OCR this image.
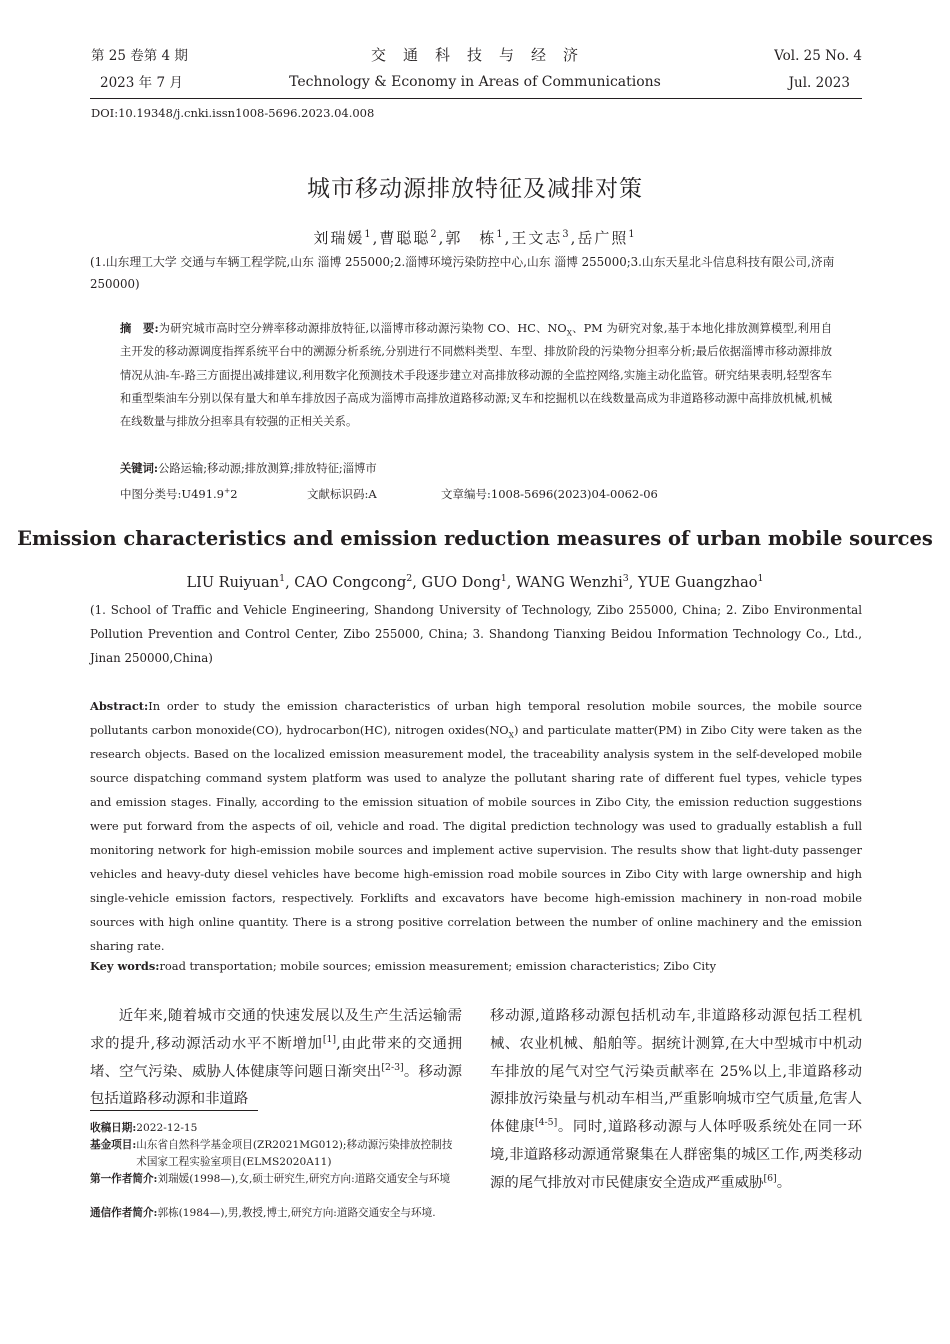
第 25 卷第 4 期
2023 年 7 月
交　通　科　技　与　经　济
Technology & Economy in Areas of Communications
Vol. 25 No. 4
Jul. 2023
DOI:10.19348/j.cnki.issn1008-5696.2023.04.008
城市移动源排放特征及减排对策
刘瑞媛$^1$,曹聪聪$^2$,郭　栋$^1$,王文志$^3$,岳广照$^1$
(1.山东理工大学 交通与车辆工程学院,山东 淄博 255000;2.淄博环境污染防控中心,山东 淄博 255000;3.山东天星北斗信息科技有限公司,济南 250000)
摘　要:为研究城市高时空分辨率移动源排放特征,以淄博市移动源污染物 CO、HC、$NO_X$、PM 为研究对象,基于本地化排放测算模型,利用自主开发的移动源调度指挥系统平台中的溯源分析系统,分别进行不同燃料类型、车型、排放阶段的污染物分担率分析;最后依据淄博市移动源排放情况从油-车-路三方面提出减排建议,利用数字化预测技术手段逐步建立对高排放移动源的全监控网络,实施主动化监管。研究结果表明,轻型客车和重型柴油车分别以保有量大和单车排放因子高成为淄博市高排放道路移动源;叉车和挖掘机以在线数量高成为非道路移动源中高排放机械,机械在线数量与排放分担率具有较强的正相关关系。
关键词:公路运输;移动源;排放测算;排放特征;淄博市
中图分类号:U491.9+2	文献标识码:A	文章编号:1008-5696(2023)04-0062-06
Emission characteristics and emission reduction measures of urban mobile sources
LIU Ruiyuan$^1$, CAO Congcong$^2$, GUO Dong$^1$, WANG Wenzhi$^3$, YUE Guangzhao$^1$
(1. School of Traffic and Vehicle Engineering, Shandong University of Technology, Zibo 255000, China; 2. Zibo Environmental Pollution Prevention and Control Center, Zibo 255000, China; 3. Shandong Tianxing Beidou Information Technology Co., Ltd., Jinan 250000,China)
Abstract:In order to study the emission characteristics of urban high temporal resolution mobile sources, the mobile source pollutants carbon monoxide(CO), hydrocarbon(HC), nitrogen $oxides(NO_X)$ and particulate matter(PM) in Zibo City were taken as the research objects. Based on the localized emission measurement model, the traceability analysis system in the self-developed mobile source dispatching command system platform was used to analyze the pollutant sharing rate of different fuel types, vehicle types and emission stages. Finally, according to the emission situation of mobile sources in Zibo City, the emission reduction suggestions were put forward from the aspects of oil, vehicle and road. The digital prediction technology was used to gradually establish a full monitoring network for high-emission mobile sources and implement active supervision. The results show that light-duty passenger vehicles and heavy-duty diesel vehicles have become high-emission road mobile sources in Zibo City with large ownership and high single-vehicle emission factors, respectively. Forklifts and excavators have become high-emission machinery in non-road mobile sources with high online quantity. There is a strong positive correlation between the number of online machinery and the emission sharing rate.
Key words:road transportation; mobile sources; emission measurement; emission characteristics; Zibo City
近年来,随着城市交通的快速发展以及生产生活运输需求的提升,移动源活动水平不断增加[1],由此带来的交通拥堵、空气污染、威胁人体健康等问题日渐突出[2-3]。移动源包括道路移动源和非道路
收稿日期:2022-12-15
基金项目: 山东省自然科学基金项目(ZR2021MG012);移动源污染排放控制技术国家工程实验室项目(ELMS2020A11)
第一作者简介: 刘瑞媛(1998—),女,硕士研究生,研究方向:道路交通安全与环境
通信作者简介: 郭栋(1984—),男,教授,博士,研究方向:道路交通安全与环境.
移动源,道路移动源包括机动车,非道路移动源包括工程机械、农业机械、船舶等。据统计测算,在大中型城市中机动车排放的尾气对空气污染贡献率在 25%以上,非道路移动源排放污染量与机动车相当,严重影响城市空气质量,危害人体健康[4-5]。同时,道路移动源与人体呼吸系统处在同一环境,非道路移动源通常聚集在人群密集的城区工作,两类移动源的尾气排放对市民健康安全造成严重威胁[6]。
